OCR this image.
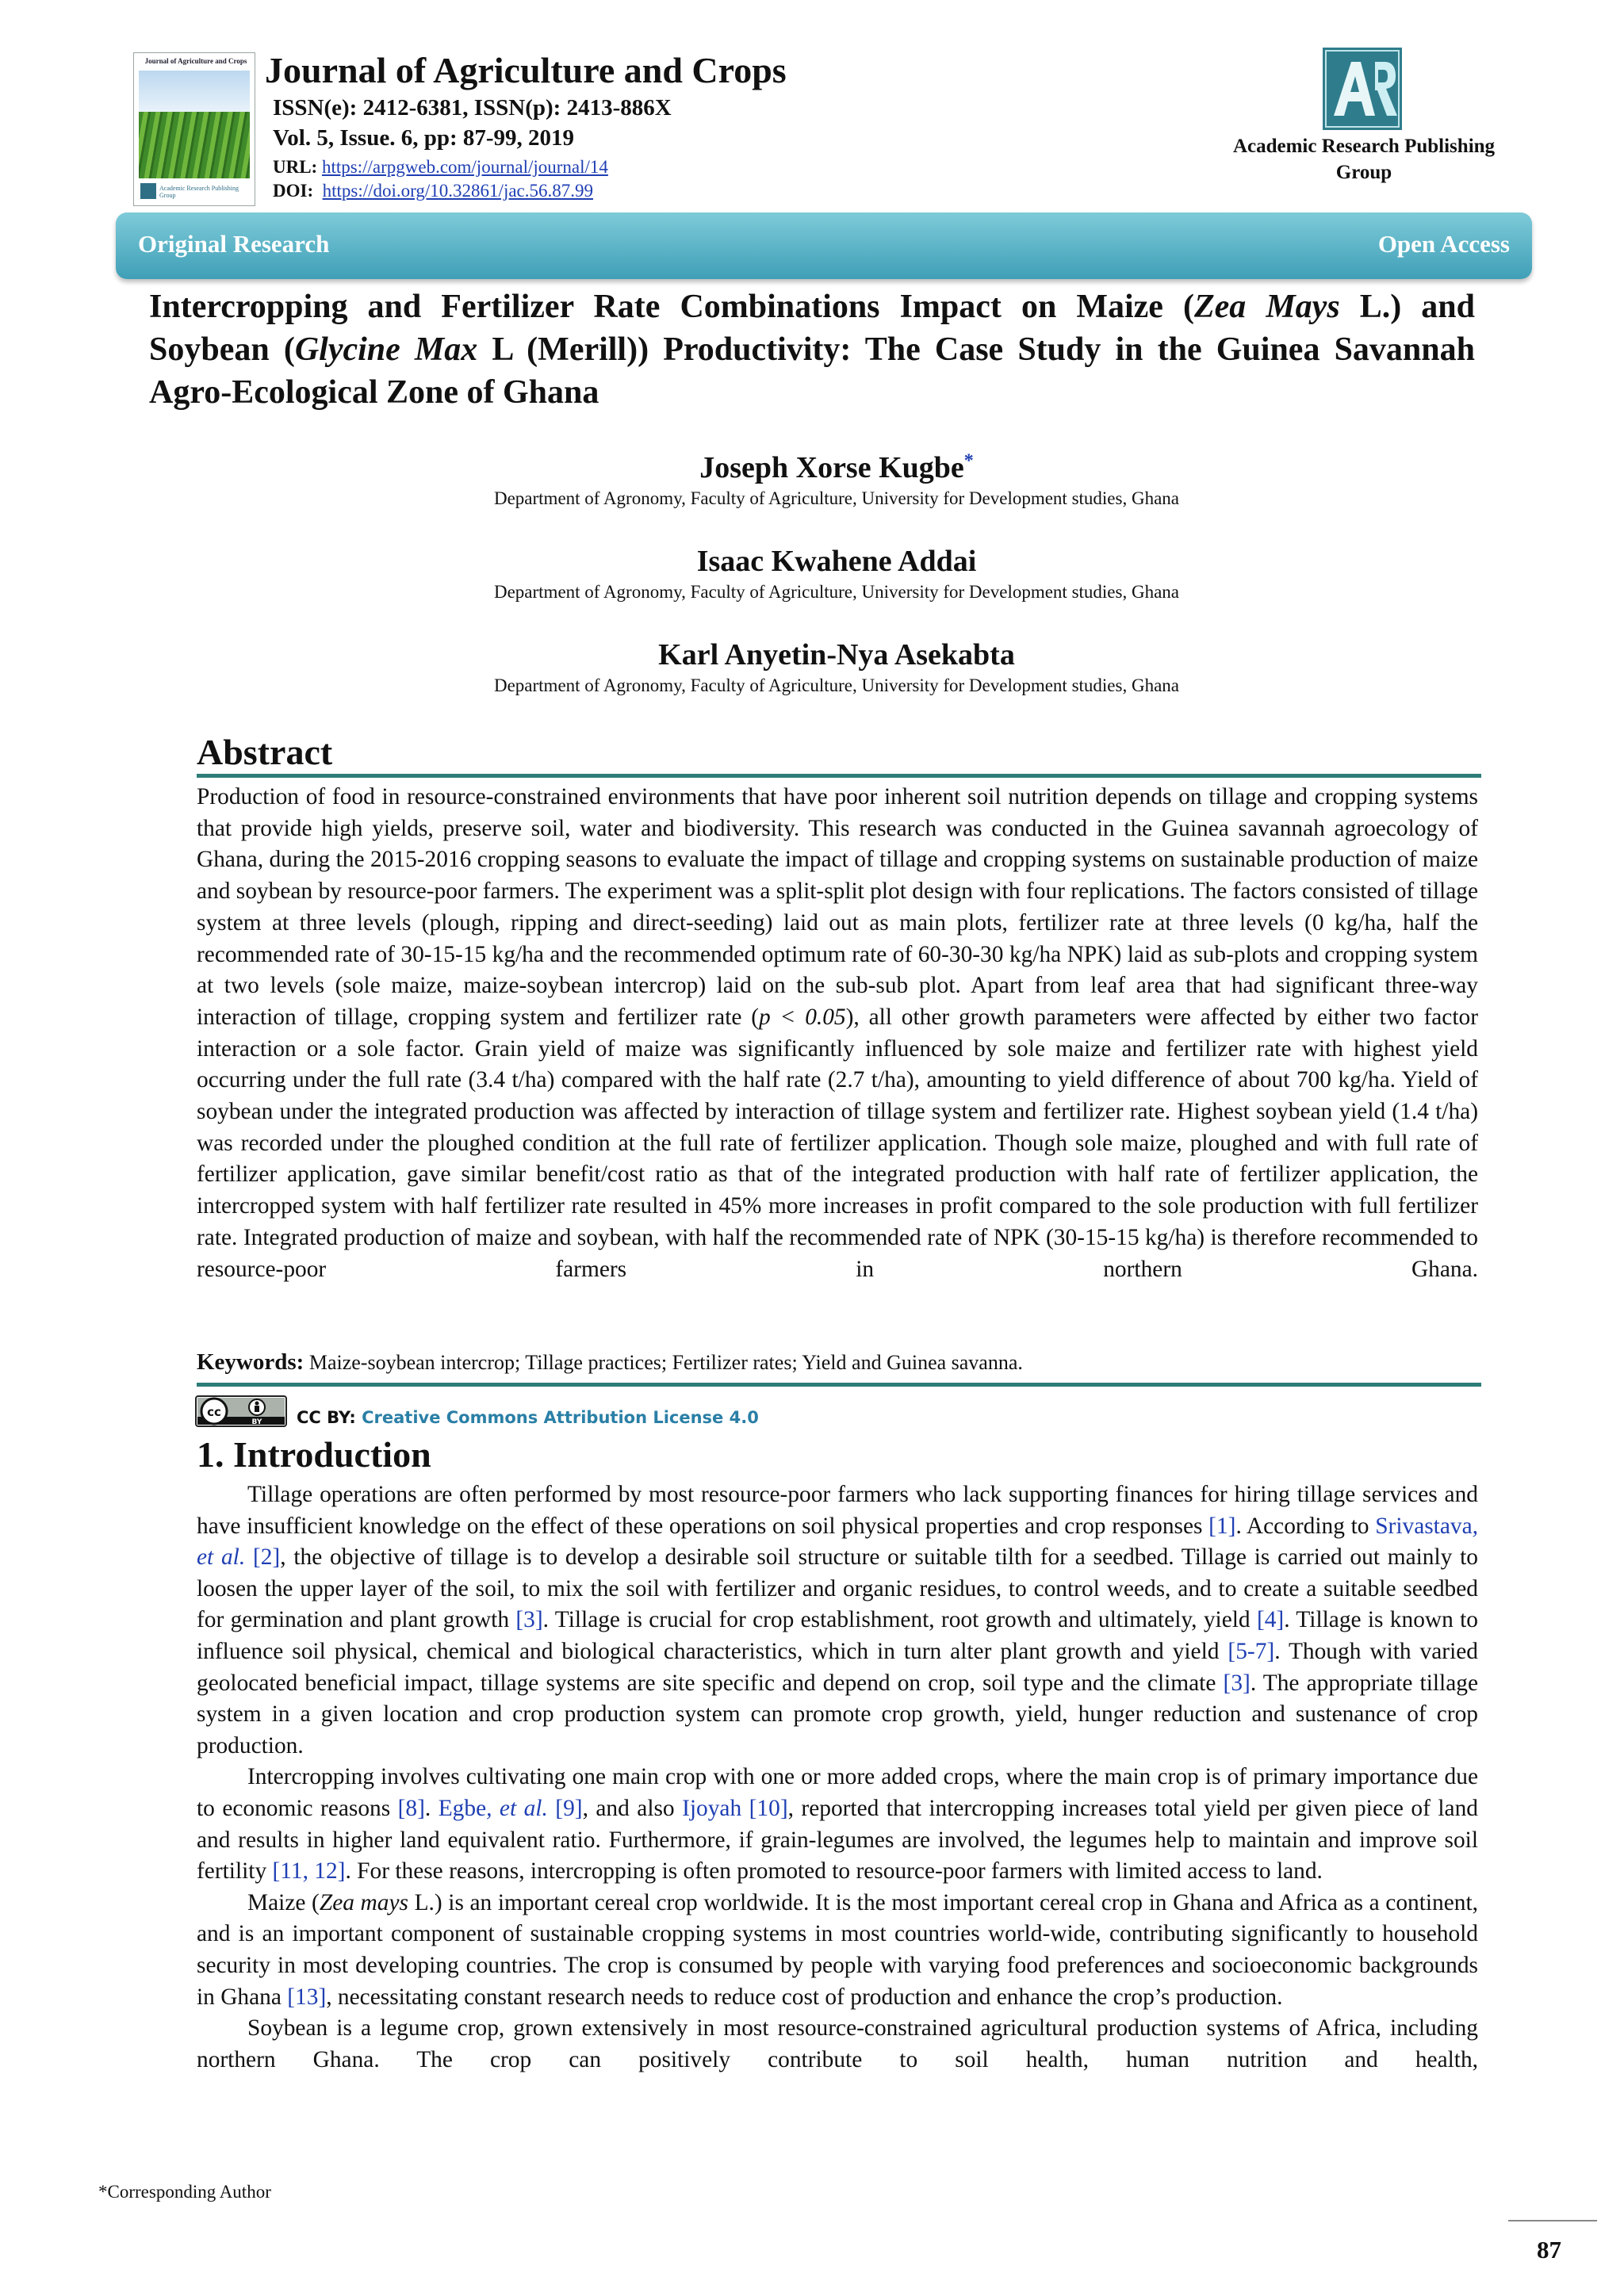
Journal of Agriculture and Crops
Academic Research Publishing Group
Journal of Agriculture and Crops
ISSN(e): 2412-6381, ISSN(p): 2413-886X
Vol. 5, Issue. 6, pp: 87-99, 2019
URL: https://arpgweb.com/journal/journal/14
DOI: https://doi.org/10.32861/jac.56.87.99
Academic Research Publishing
Group
Original Research	Open Access
Intercropping and Fertilizer Rate Combinations Impact on Maize (Zea Mays L.) and Soybean (Glycine Max L (Merill)) Productivity: The Case Study in the Guinea Savannah Agro-Ecological Zone of Ghana
Joseph Xorse Kugbe*
Department of Agronomy, Faculty of Agriculture, University for Development studies, Ghana
Isaac Kwahene Addai
Department of Agronomy, Faculty of Agriculture, University for Development studies, Ghana
Karl Anyetin-Nya Asekabta
Department of Agronomy, Faculty of Agriculture, University for Development studies, Ghana
Abstract
Production of food in resource-constrained environments that have poor inherent soil nutrition depends on tillage and cropping systems that provide high yields, preserve soil, water and biodiversity. This research was conducted in the Guinea savannah agroecology of Ghana, during the 2015-2016 cropping seasons to evaluate the impact of tillage and cropping systems on sustainable production of maize and soybean by resource-poor farmers. The experiment was a split-split plot design with four replications. The factors consisted of tillage system at three levels (plough, ripping and direct-seeding) laid out as main plots, fertilizer rate at three levels (0 kg/ha, half the recommended rate of 30-15-15 kg/ha and the recommended optimum rate of 60-30-30 kg/ha NPK) laid as sub-plots and cropping system at two levels (sole maize, maize-soybean intercrop) laid on the sub-sub plot. Apart from leaf area that had significant three-way interaction of tillage, cropping system and fertilizer rate (p < 0.05), all other growth parameters were affected by either two factor interaction or a sole factor. Grain yield of maize was significantly influenced by sole maize and fertilizer rate with highest yield occurring under the full rate (3.4 t/ha) compared with the half rate (2.7 t/ha), amounting to yield difference of about 700 kg/ha. Yield of soybean under the integrated production was affected by interaction of tillage system and fertilizer rate. Highest soybean yield (1.4 t/ha) was recorded under the ploughed condition at the full rate of fertilizer application. Though sole maize, ploughed and with full rate of fertilizer application, gave similar benefit/cost ratio as that of the integrated production with half rate of fertilizer application, the intercropped system with half fertilizer rate resulted in 45% more increases in profit compared to the sole production with full fertilizer rate. Integrated production of maize and soybean, with half the recommended rate of NPK (30-15-15 kg/ha) is therefore recommended to resource-poor farmers in northern Ghana.
Keywords: Maize-soybean intercrop; Tillage practices; Fertilizer rates; Yield and Guinea savanna.
cc
BY CC BY: Creative Commons Attribution License 4.0
1. Introduction

Tillage operations are often performed by most resource-poor farmers who lack supporting finances for hiring tillage services and have insufficient knowledge on the effect of these operations on soil physical properties and crop responses [1]. According to Srivastava, et al. [2], the objective of tillage is to develop a desirable soil structure or suitable tilth for a seedbed. Tillage is carried out mainly to loosen the upper layer of the soil, to mix the soil with fertilizer and organic residues, to control weeds, and to create a suitable seedbed for germination and plant growth [3]. Tillage is crucial for crop establishment, root growth and ultimately, yield [4]. Tillage is known to influence soil physical, chemical and biological characteristics, which in turn alter plant growth and yield [5-7]. Though with varied geolocated beneficial impact, tillage systems are site specific and depend on crop, soil type and the climate [3]. The appropriate tillage system in a given location and crop production system can promote crop growth, yield, hunger reduction and sustenance of crop production.

Intercropping involves cultivating one main crop with one or more added crops, where the main crop is of primary importance due to economic reasons [8]. Egbe, et al. [9], and also Ijoyah [10], reported that intercropping increases total yield per given piece of land and results in higher land equivalent ratio. Furthermore, if grain-legumes are involved, the legumes help to maintain and improve soil fertility [11, 12]. For these reasons, intercropping is often promoted to resource-poor farmers with limited access to land.

Maize (Zea mays L.) is an important cereal crop worldwide. It is the most important cereal crop in Ghana and Africa as a continent, and is an important component of sustainable cropping systems in most countries world-wide, contributing significantly to household security in most developing countries. The crop is consumed by people with varying food preferences and socioeconomic backgrounds in Ghana [13], necessitating constant research needs to reduce cost of production and enhance the crop’s production.

Soybean is a legume crop, grown extensively in most resource-constrained agricultural production systems of Africa, including northern Ghana. The crop can positively contribute to soil health, human nutrition and health,

*Corresponding Author
87
